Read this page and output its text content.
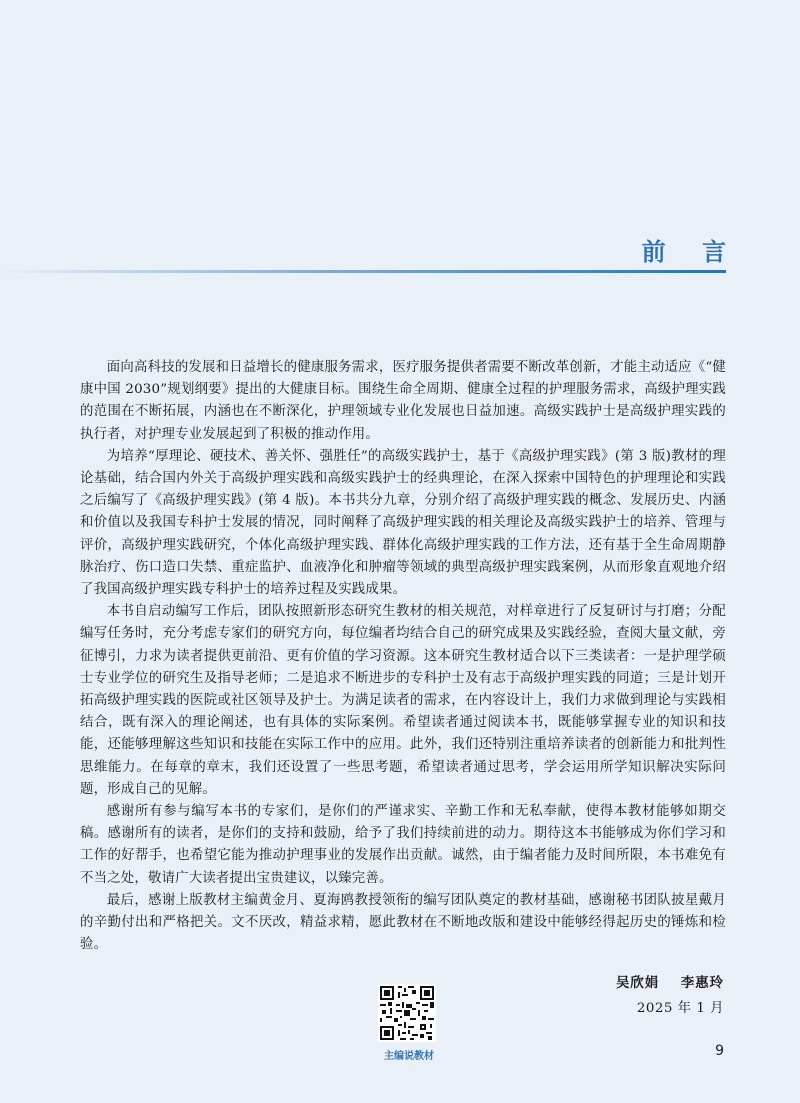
前 言

面向高科技的发展和日益增长的健康服务需求，医疗服务提供者需要不断改革创新，才能主动适应《“健康中国 2030”规划纲要》提出的大健康目标。围绕生命全周期、健康全过程的护理服务需求，高级护理实践的范围在不断拓展，内涵也在不断深化，护理领域专业化发展也日益加速。高级实践护士是高级护理实践的执行者，对护理专业发展起到了积极的推动作用。

为培养“厚理论、硬技术、善关怀、强胜任”的高级实践护士，基于《高级护理实践》(第 3 版)教材的理论基础，结合国内外关于高级护理实践和高级实践护士的经典理论，在深入探索中国特色的护理理论和实践之后编写了《高级护理实践》(第 4 版)。本书共分九章，分别介绍了高级护理实践的概念、发展历史、内涵和价值以及我国专科护士发展的情况，同时阐释了高级护理实践的相关理论及高级实践护士的培养、管理与评价，高级护理实践研究，个体化高级护理实践、群体化高级护理实践的工作方法，还有基于全生命周期静脉治疗、伤口造口失禁、重症监护、血液净化和肿瘤等领域的典型高级护理实践案例，从而形象直观地介绍了我国高级护理实践专科护士的培养过程及实践成果。

本书自启动编写工作后，团队按照新形态研究生教材的相关规范，对样章进行了反复研讨与打磨；分配编写任务时，充分考虑专家们的研究方向，每位编者均结合自己的研究成果及实践经验，查阅大量文献，旁征博引，力求为读者提供更前沿、更有价值的学习资源。这本研究生教材适合以下三类读者：一是护理学硕士专业学位的研究生及指导老师；二是追求不断进步的专科护士及有志于高级护理实践的同道；三是计划开拓高级护理实践的医院或社区领导及护士。为满足读者的需求，在内容设计上，我们力求做到理论与实践相结合，既有深入的理论阐述，也有具体的实际案例。希望读者通过阅读本书，既能够掌握专业的知识和技能，还能够理解这些知识和技能在实际工作中的应用。此外，我们还特别注重培养读者的创新能力和批判性思维能力。在每章的章末，我们还设置了一些思考题，希望读者通过思考，学会运用所学知识解决实际问题，形成自己的见解。

感谢所有参与编写本书的专家们，是你们的严谨求实、辛勤工作和无私奉献，使得本教材能够如期交稿。感谢所有的读者，是你们的支持和鼓励，给予了我们持续前进的动力。期待这本书能够成为你们学习和工作的好帮手，也希望它能为推动护理事业的发展作出贡献。诚然，由于编者能力及时间所限，本书难免有不当之处，敬请广大读者提出宝贵建议，以臻完善。

最后，感谢上版教材主编黄金月、夏海鸥教授领衔的编写团队奠定的教材基础，感谢秘书团队披星戴月的辛勤付出和严格把关。文不厌改，精益求精，愿此教材在不断地改版和建设中能够经得起历史的锤炼和检验。

吴欣娟 李惠玲
2025 年 1 月
主编说教材	9
